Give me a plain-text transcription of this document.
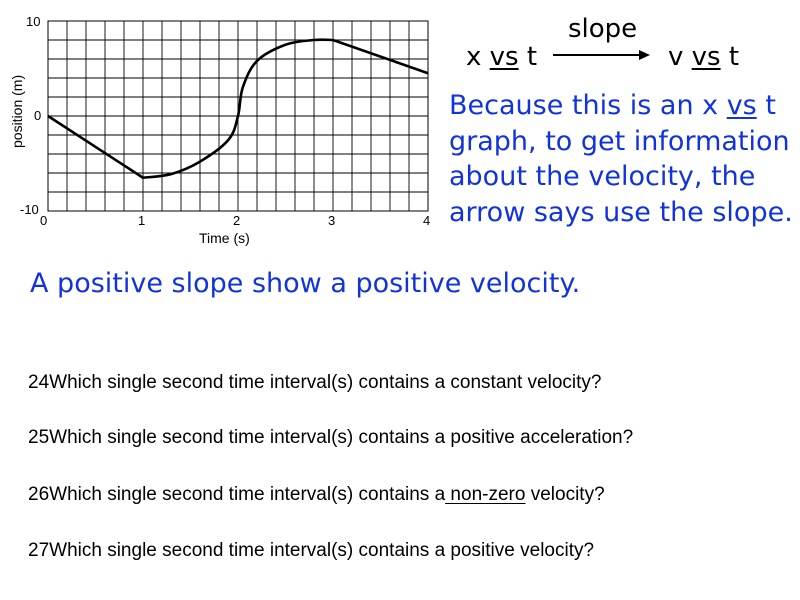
10
0
-10
0	1	2	3	4
Time (s)
position (m)
x vs t
slope
v vs t
Because this is an x vs t graph, to get information about the velocity, the arrow says use the slope.
A positive slope show a positive velocity.
24Which single second time interval(s) contains a constant velocity?
25Which single second time interval(s) contains a positive acceleration?
26Which single second time interval(s) contains a non-zero velocity?
27Which single second time interval(s) contains a positive velocity?
